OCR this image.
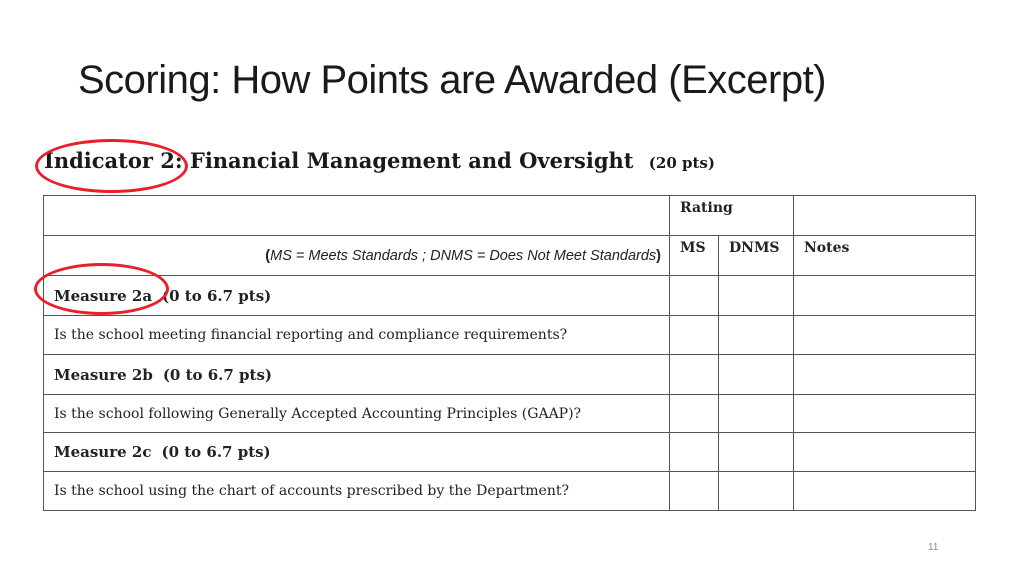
Scoring: How Points are Awarded (Excerpt)
Indicator 2: Financial Management and Oversight (20 pts)
	Rating		
(MS = Meets Standards ; DNMS = Does Not Meet Standards)	MS	DNMS	Notes
Measure 2a (0 to 6.7 pts)			
Is the school meeting financial reporting and compliance requirements?			
Measure 2b (0 to 6.7 pts)			
Is the school following Generally Accepted Accounting Principles (GAAP)?			
Measure 2c (0 to 6.7 pts)			
Is the school using the chart of accounts prescribed by the Department?			
11
